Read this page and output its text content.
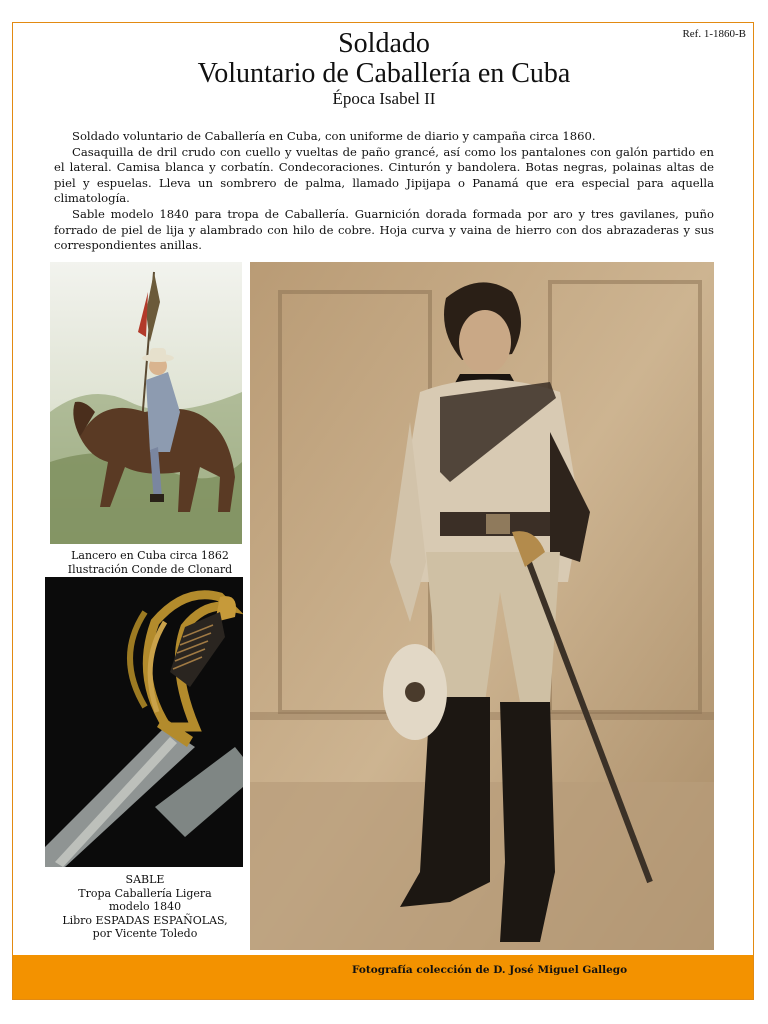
Ref. 1-1860-B
Soldado
Voluntario de Caballería en Cuba
Época Isabel II

Soldado voluntario de Caballería en Cuba, con uniforme de diario y campaña circa 1860.

Casaquilla de dril crudo con cuello y vueltas de paño grancé, así como los pantalones con galón partido en el lateral. Camisa blanca y corbatín. Condecoraciones. Cinturón y bandolera. Botas negras, polainas altas de piel y espuelas. Lleva un sombrero de palma, llamado Jipijapa o Panamá que era especial para aquella climatología.

Sable modelo 1840 para tropa de Caballería. Guarnición dorada formada por aro y tres gavilanes, puño forrado de piel de lija y alambrado con hilo de cobre. Hoja curva y vaina de hierro con dos abrazaderas y sus correspondientes anillas.

Lancero en Cuba circa 1862
Ilustración Conde de Clonard
SABLE
Tropa Caballería Ligera
modelo 1840
Libro ESPADAS ESPAÑOLAS,
por Vicente Toledo
Fotografía colección de D. José Miguel Gallego
